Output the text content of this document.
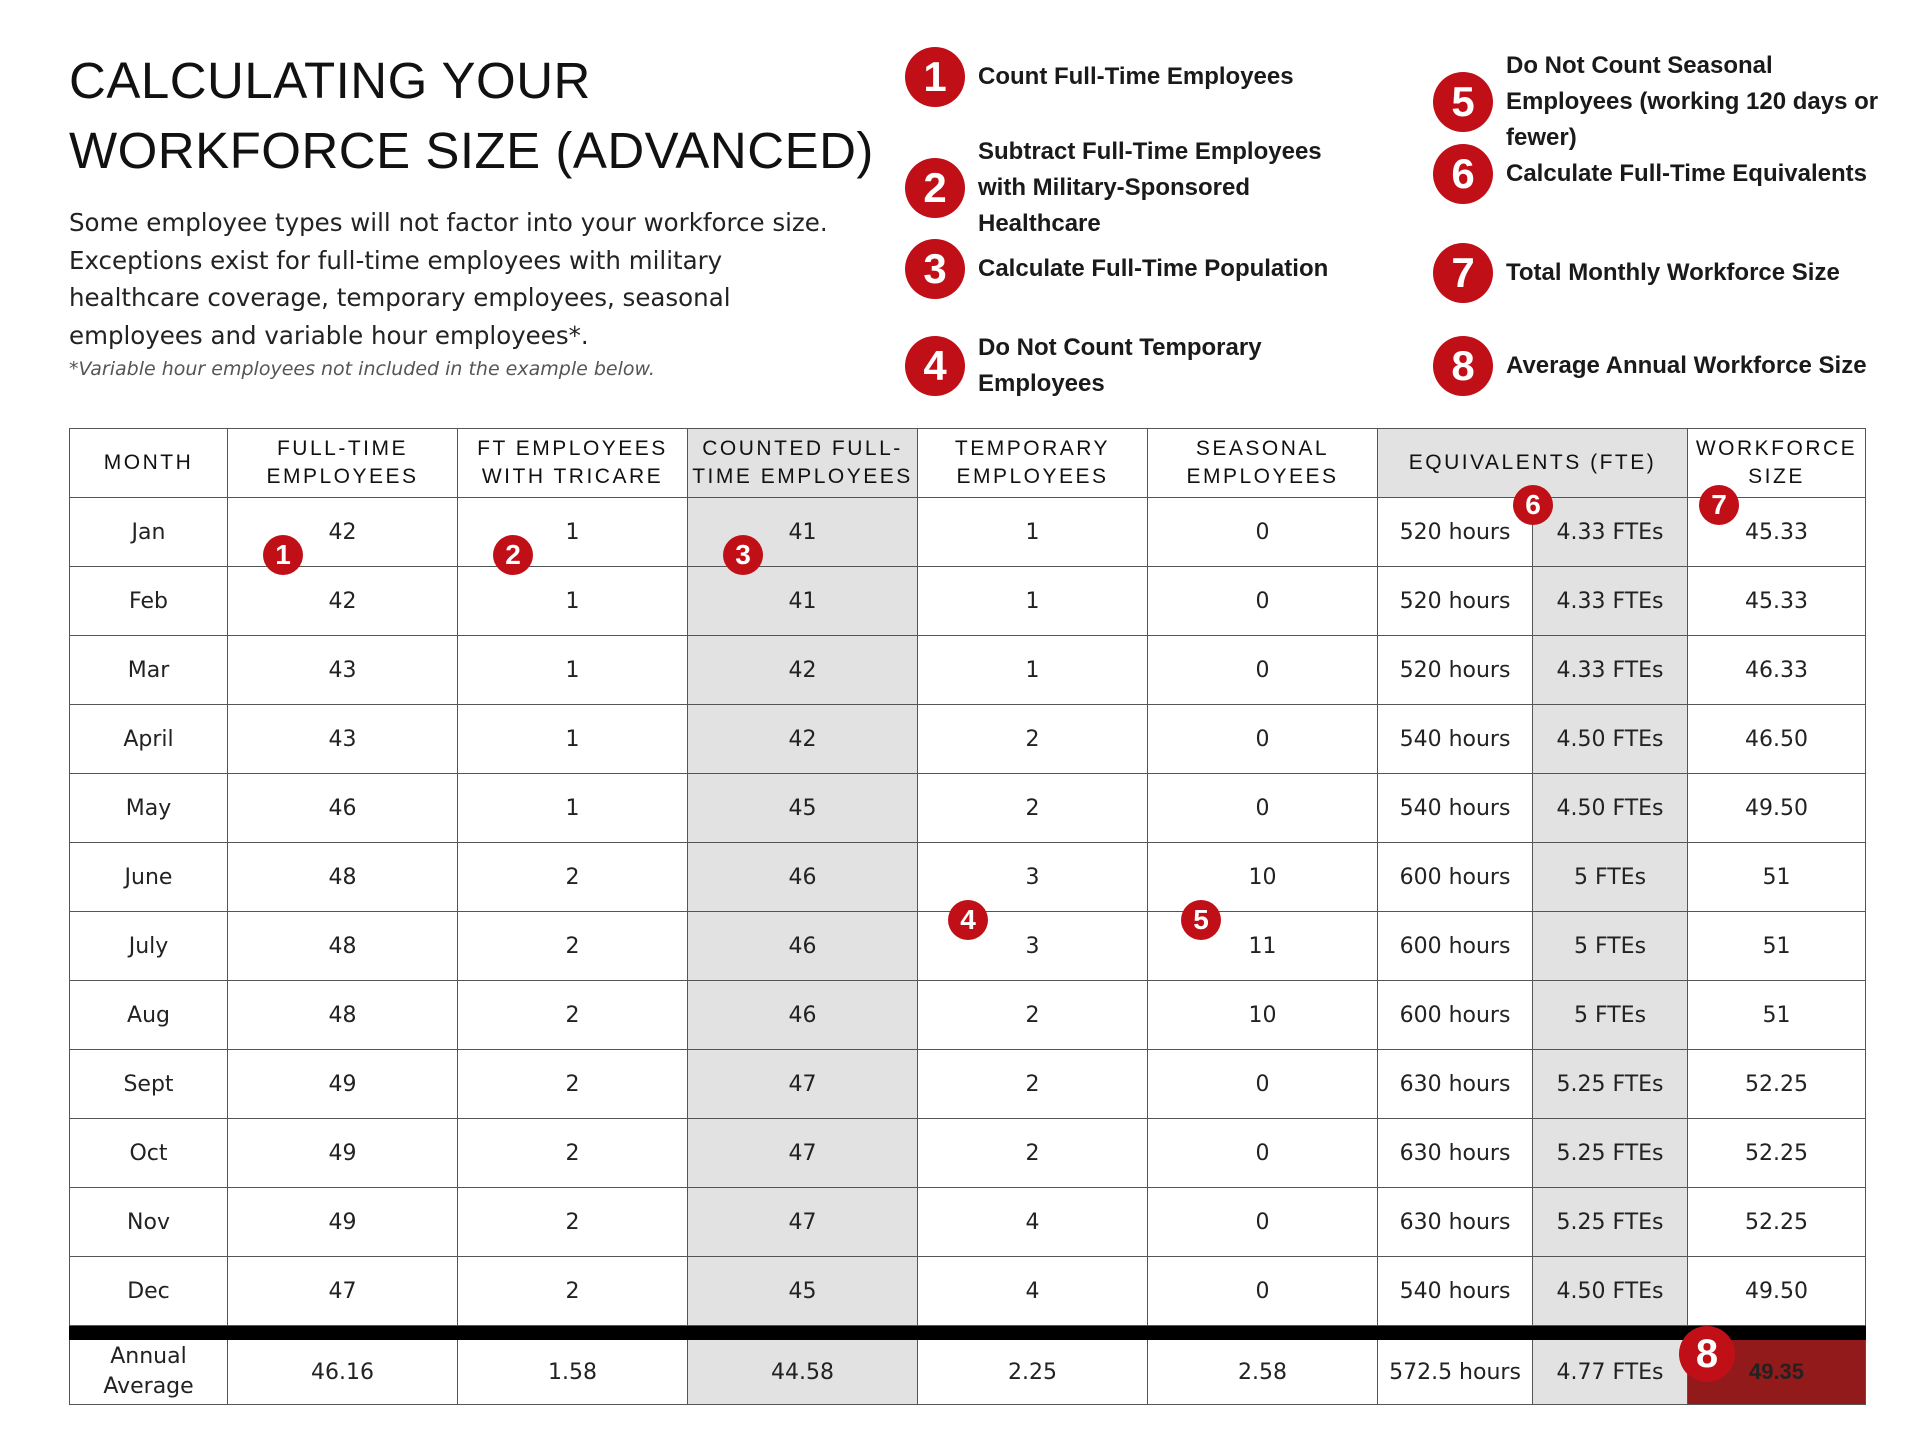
CALCULATING YOUR
WORKFORCE SIZE (ADVANCED)

Some employee types will not factor into your workforce size. Exceptions exist for full-time employees with military healthcare coverage, temporary employees, seasonal employees and variable hour employees*.

*Variable hour employees not included in the example below.

1	Count Full-Time Employees
2
Subtract Full-Time Employees with Military-Sponsored Healthcare
3	Calculate Full-Time Population
4	Do Not Count Temporary Employees
5
Do Not Count Seasonal Employees (working 120 days or fewer)
6	Calculate Full-Time Equivalents
7	Total Monthly Workforce Size
8	Average Annual Workforce Size
MONTH	FULL-TIME EMPLOYEES	FT EMPLOYEES WITH TRICARE	COUNTED FULL-TIME EMPLOYEES	TEMPORARY EMPLOYEES	SEASONAL EMPLOYEES	EQUIVALENTS (FTE)		WORKFORCE SIZE
Jan	42	1	41	1	0	520 hours	4.33 FTEs	45.33
Feb	42	1	41	1	0	520 hours	4.33 FTEs	45.33
Mar	43	1	42	1	0	520 hours	4.33 FTEs	46.33
April	43	1	42	2	0	540 hours	4.50 FTEs	46.50
May	46	1	45	2	0	540 hours	4.50 FTEs	49.50
June	48	2	46	3	10	600 hours	5 FTEs	51
July	48	2	46	3	11	600 hours	5 FTEs	51
Aug	48	2	46	2	10	600 hours	5 FTEs	51
Sept	49	2	47	2	0	630 hours	5.25 FTEs	52.25
Oct	49	2	47	2	0	630 hours	5.25 FTEs	52.25
Nov	49	2	47	4	0	630 hours	5.25 FTEs	52.25
Dec	47	2	45	4	0	540 hours	4.50 FTEs	49.50

Annual
Average	46.16	1.58	44.58	2.25	2.58	572.5 hours	4.77 FTEs	49.35
1	2	3
4	5
6	7
8
